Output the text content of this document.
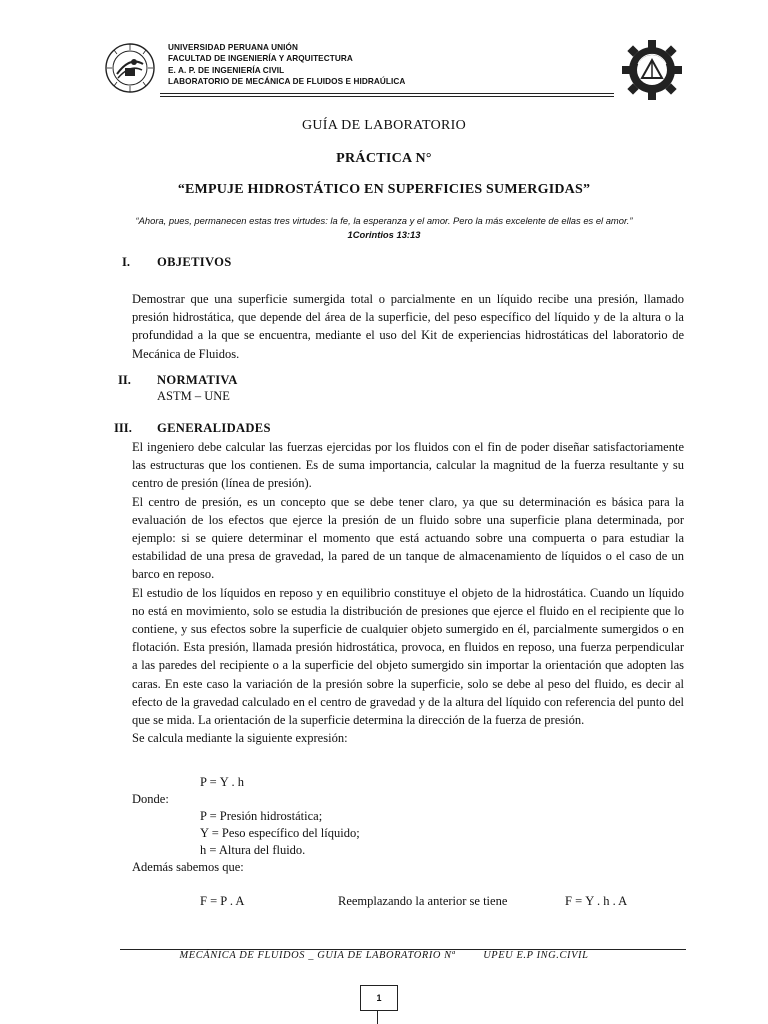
UNIVERSIDAD PERUANA UNIÓN
FACULTAD DE INGENIERÍA Y ARQUITECTURA
E. A. P. DE INGENIERÍA CIVIL
LABORATORIO DE MECÁNICA DE FLUIDOS E HIDRAÚLICA
GUÍA DE LABORATORIO
PRÁCTICA N°
“EMPUJE HIDROSTÁTICO EN SUPERFICIES SUMERGIDAS”
“Ahora, pues, permanecen estas tres virtudes: la fe, la esperanza y el amor. Pero la más excelente de ellas es el amor.”
1Corintios 13:13
I. OBJETIVOS

Demostrar que una superficie sumergida total o parcialmente en un líquido recibe una presión, llamado presión hidrostática, que depende del área de la superficie, del peso específico del líquido y de la altura o la profundidad a la que se encuentra, mediante el uso del Kit de experiencias hidrostáticas del laboratorio de Mecánica de Fluidos.

II. NORMATIVA
ASTM – UNE
III. GENERALIDADES

El ingeniero debe calcular las fuerzas ejercidas por los fluidos con el fin de poder diseñar satisfactoriamente las estructuras que los contienen. Es de suma importancia, calcular la magnitud de la fuerza resultante y su centro de presión (línea de presión).

El centro de presión, es un concepto que se debe tener claro, ya que su determinación es básica para la evaluación de los efectos que ejerce la presión de un fluido sobre una superficie plana determinada, por ejemplo: si se quiere determinar el momento que está actuando sobre una compuerta o para estudiar la estabilidad de una presa de gravedad, la pared de un tanque de almacenamiento de líquidos o el caso de un barco en reposo.

El estudio de los líquidos en reposo y en equilibrio constituye el objeto de la hidrostática. Cuando un líquido no está en movimiento, solo se estudia la distribución de presiones que ejerce el fluido en el recipiente que lo contiene, y sus efectos sobre la superficie de cualquier objeto sumergido en él, parcialmente sumergidos o en flotación. Esta presión, llamada presión hidrostática, provoca, en fluidos en reposo, una fuerza perpendicular a las paredes del recipiente o a la superficie del objeto sumergido sin importar la orientación que adopten las caras. En este caso la variación de la presión sobre la superficie, solo se debe al peso del fluido, es decir al efecto de la gravedad calculado en el centro de gravedad y de la altura del líquido con referencia del punto del que se mida. La orientación de la superficie determina la dirección de la fuerza de presión.

Se calcula mediante la siguiente expresión:

P = Υ . h
Donde:
P = Presión hidrostática;
Υ = Peso específico del líquido;
h = Altura del fluido.
Además sabemos que:
F = P . A	Reemplazando la anterior se tiene	F = Υ . h . A
MECÁNICA DE FLUIDOS _ GUIA DE LABORATORIO Nª	UPEU E.P ING.CIVIL
1
